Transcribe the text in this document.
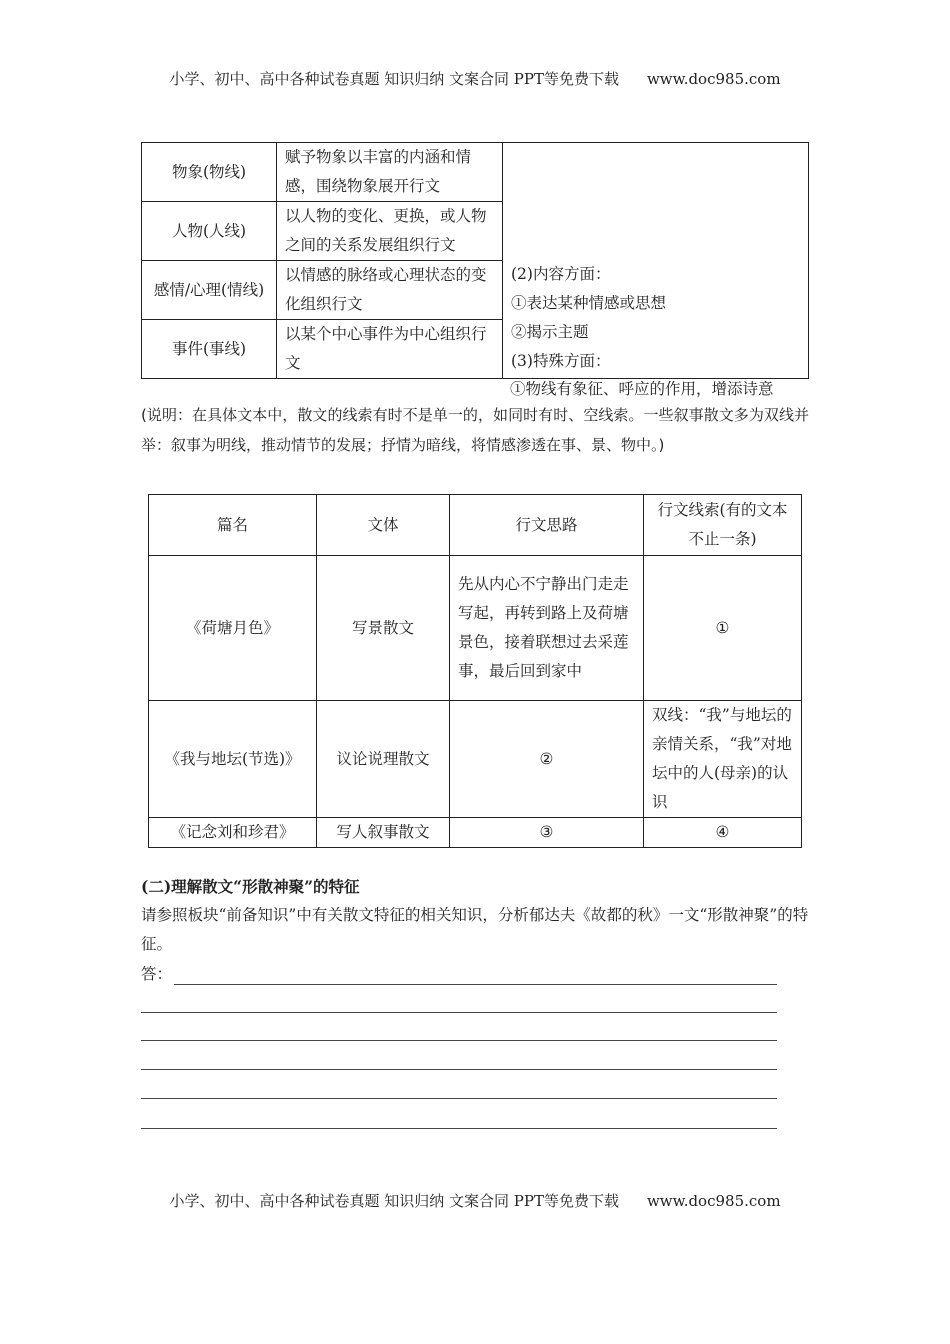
小学、初中、高中各种试卷真题 知识归纳 文案合同 PPT等免费下载 www.doc985.com
物象(物线)	赋予物象以丰富的内涵和情感，围绕物象展开行文	(2)内容方面：
①表达某种情感或思想
②揭示主题
(3)特殊方面：

人物(人线)	以人物的变化、更换，或人物之间的关系发展组织行文	
感情/心理(情线)	以情感的脉络或心理状态的变化组织行文	
事件(事线)	以某个中心事件为中心组织行文	
①物线有象征、呼应的作用，增添诗意
(说明：在具体文本中，散文的线索有时不是单一的，如同时有时、空线索。一些叙事散文多为双线并举：叙事为明线，推动情节的发展；抒情为暗线，将情感渗透在事、景、物中。)
篇名	文体	行文思路	行文线索(有的文本不止一条)
《荷塘月色》	写景散文	先从内心不宁静出门走走写起，再转到路上及荷塘景色，接着联想过去采莲事，最后回到家中	①
《我与地坛(节选)》	议论说理散文	②	双线：“我”与地坛的亲情关系，“我”对地坛中的人(母亲)的认识
《记念刘和珍君》	写人叙事散文	③	④
(二)理解散文“形散神聚”的特征
请参照板块“前备知识”中有关散文特征的相关知识，分析郁达夫《故都的秋》一文“形散神聚”的特征。
答：
小学、初中、高中各种试卷真题 知识归纳 文案合同 PPT等免费下载 www.doc985.com
